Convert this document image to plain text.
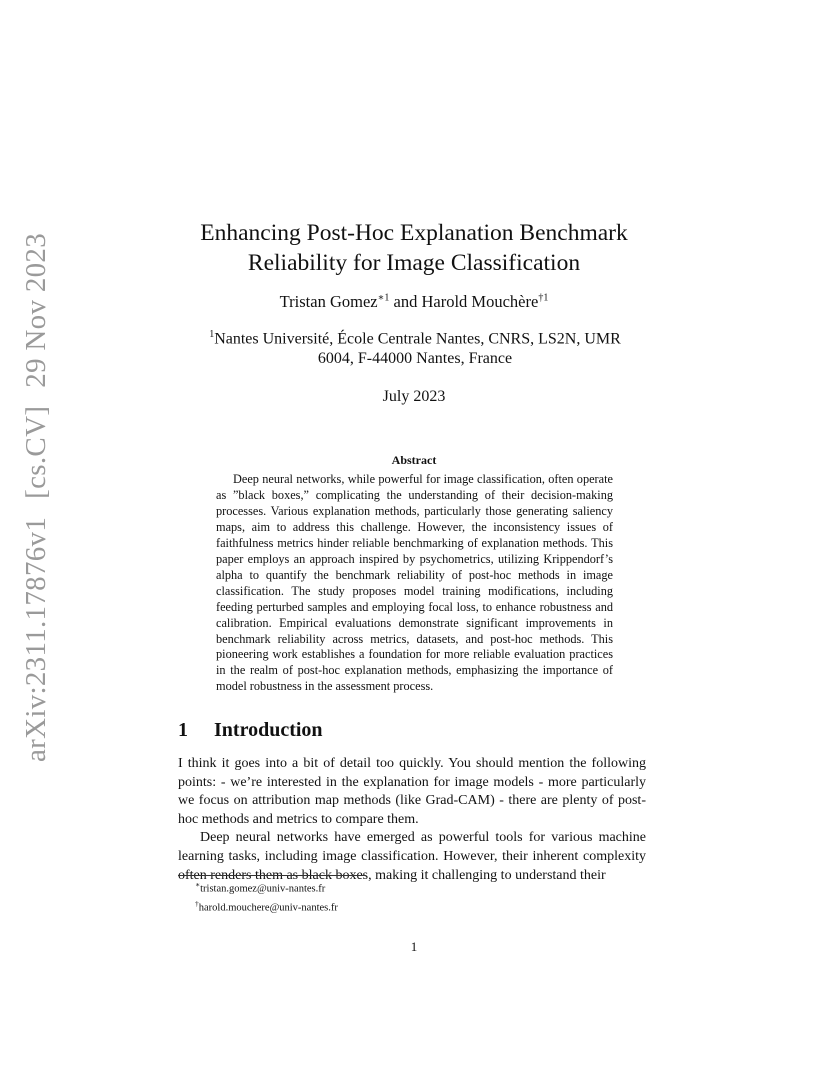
arXiv:2311.17876v1[cs.CV]29 Nov 2023	Enhancing Post-Hoc Explanation Benchmark
Reliability for Image Classification
Tristan Gomez$^{∗1}$ and Harold Mouchère$^{\dagger 1}$
$^1$Nantes Université, École Centrale Nantes, CNRS, LS2N, UMR
6004, F-44000 Nantes, France
July 2023
Abstract

Deep neural networks, while powerful for image classification, often operate as ”black boxes,” complicating the understanding of their decision-making processes. Various explanation methods, particularly those generating saliency maps, aim to address this challenge. However, the inconsistency issues of faithfulness metrics hinder reliable benchmarking of explanation methods. This paper employs an approach inspired by psychometrics, utilizing Krippendorf’s alpha to quantify the benchmark reliability of post-hoc methods in image classification. The study proposes model training modifications, including feeding perturbed samples and employing focal loss, to enhance robustness and calibration. Empirical evaluations demonstrate significant improvements in benchmark reliability across metrics, datasets, and post-hoc methods. This pioneering work establishes a foundation for more reliable evaluation practices in the realm of post-hoc explanation methods, emphasizing the importance of model robustness in the assessment process.

1 Introduction
I think it goes into a bit of detail too quickly. You should mention the following points: - we’re interested in the explanation for image models - more particularly we focus on attribution map methods (like Grad-CAM) - there are plenty of post-hoc methods and metrics to compare them.
Deep neural networks have emerged as powerful tools for various machine learning tasks, including image classification. However, their inherent complexity often renders them as black boxes, making it challenging to understand their
∗tristan.gomez@univ-nantes.fr
†harold.mouchere@univ-nantes.fr
1
